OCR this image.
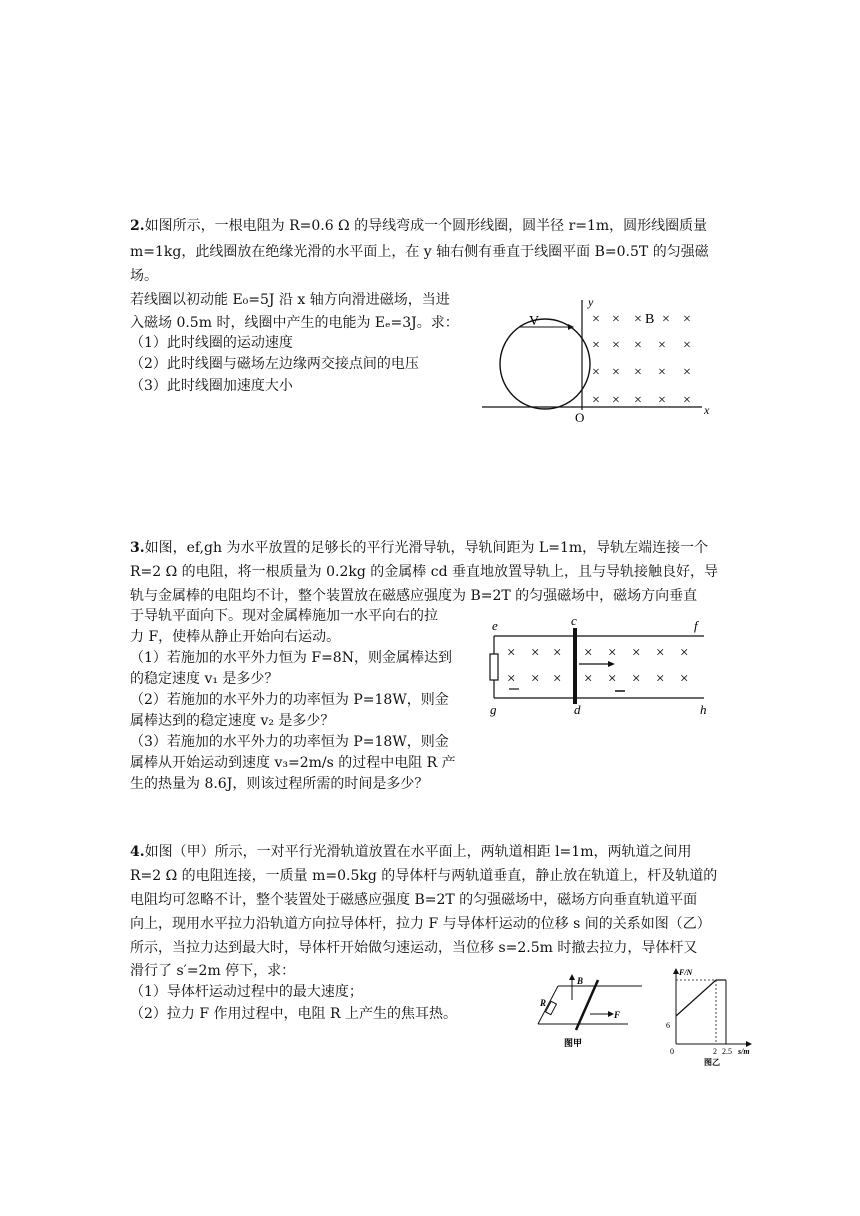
2.如图所示，一根电阻为 R=0.6 Ω 的导线弯成一个圆形线圈，圆半径 r=1m，圆形线圈质量
m=1kg，此线圈放在绝缘光滑的水平面上，在 y 轴右侧有垂直于线圈平面 B=0.5T 的匀强磁
场。
若线圈以初动能 E₀=5J 沿 x 轴方向滑进磁场，当进
入磁场 0.5m 时，线圈中产生的电能为 Eₑ=3J。求：
（1）此时线圈的运动速度
（2）此时线圈与磁场左边缘两交接点间的电压
（3）此时线圈加速度大小
V
y
x
O
B
× × × × ×
× × × × ×
× × × × ×
× × × × ×
3.如图，ef,gh 为水平放置的足够长的平行光滑导轨，导轨间距为 L=1m，导轨左端连接一个
R=2 Ω 的电阻，将一根质量为 0.2kg 的金属棒 cd 垂直地放置导轨上，且与导轨接触良好，导
轨与金属棒的电阻均不计，整个装置放在磁感应强度为 B=2T 的匀强磁场中，磁场方向垂直
于导轨平面向下。现对金属棒施加一水平向右的拉
力 F，使棒从静止开始向右运动。
（1）若施加的水平外力恒为 F=8N，则金属棒达到
的稳定速度 v₁ 是多少？
（2）若施加的水平外力的功率恒为 P=18W，则金
属棒达到的稳定速度 v₂ 是多少？
（3）若施加的水平外力的功率恒为 P=18W，则金
属棒从开始运动到速度 v₃=2m/s 的过程中电阻 R 产
生的热量为 8.6J，则该过程所需的时间是多少？
c
e	f
g	d	h
× × × × × × × ×
× × × × × × × ×
4.如图（甲）所示，一对平行光滑轨道放置在水平面上，两轨道相距 l=1m，两轨道之间用
R=2 Ω 的电阻连接，一质量 m=0.5kg 的导体杆与两轨道垂直，静止放在轨道上，杆及轨道的
电阻均可忽略不计，整个装置处于磁感应强度 B=2T 的匀强磁场中，磁场方向垂直轨道平面
向上，现用水平拉力沿轨道方向拉导体杆，拉力 F 与导体杆运动的位移 s 间的关系如图（乙）
所示，当拉力达到最大时，导体杆开始做匀速运动，当位移 s=2.5m 时撤去拉力，导体杆又
滑行了 s′=2m 停下，求：
（1）导体杆运动过程中的最大速度；
（2）拉力 F 作用过程中，电阻 R 上产生的焦耳热。
B
R
F
图甲
F/N
6
0	2 2.5 s/m
图乙
